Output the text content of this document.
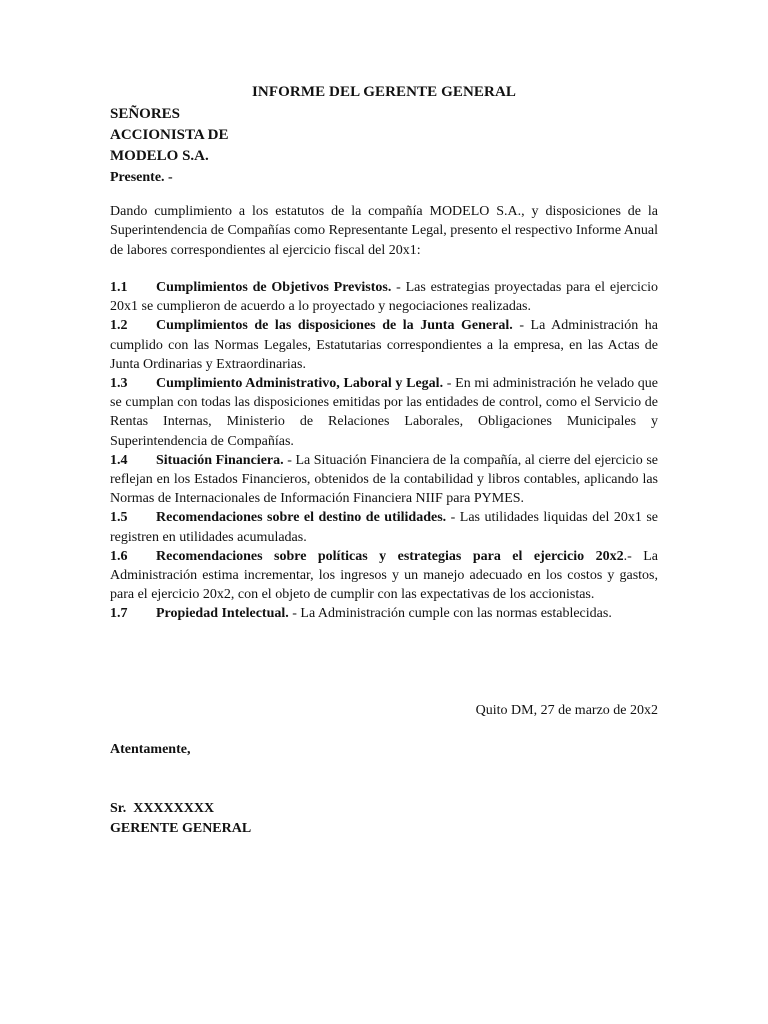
INFORME DEL GERENTE GENERAL
SEÑORES
ACCIONISTA DE
MODELO S.A.
Presente. -

Dando cumplimiento a los estatutos de la compañía MODELO S.A., y disposiciones de la Superintendencia de Compañías como Representante Legal, presento el respectivo Informe Anual de labores correspondientes al ejercicio fiscal del 20x1:

1.1 Cumplimientos de Objetivos Previstos. - Las estrategias proyectadas para el ejercicio 20x1 se cumplieron de acuerdo a lo proyectado y negociaciones realizadas.

1.2 Cumplimientos de las disposiciones de la Junta General. - La Administración ha cumplido con las Normas Legales, Estatutarias correspondientes a la empresa, en las Actas de Junta Ordinarias y Extraordinarias.

1.3 Cumplimiento Administrativo, Laboral y Legal. - En mi administración he velado que se cumplan con todas las disposiciones emitidas por las entidades de control, como el Servicio de Rentas Internas, Ministerio de Relaciones Laborales, Obligaciones Municipales y Superintendencia de Compañías.

1.4 Situación Financiera. - La Situación Financiera de la compañía, al cierre del ejercicio se reflejan en los Estados Financieros, obtenidos de la contabilidad y libros contables, aplicando las Normas de Internacionales de Información Financiera NIIF para PYMES.

1.5 Recomendaciones sobre el destino de utilidades. - Las utilidades liquidas del 20x1 se registren en utilidades acumuladas.

1.6 Recomendaciones sobre políticas y estrategias para el ejercicio 20x2.- La Administración estima incrementar, los ingresos y un manejo adecuado en los costos y gastos, para el ejercicio 20x2, con el objeto de cumplir con las expectativas de los accionistas.

1.7 Propiedad Intelectual. - La Administración cumple con las normas establecidas.

Quito DM, 27 de marzo de 20x2
Atentamente,
Sr.  XXXXXXXX
GERENTE GENERAL
